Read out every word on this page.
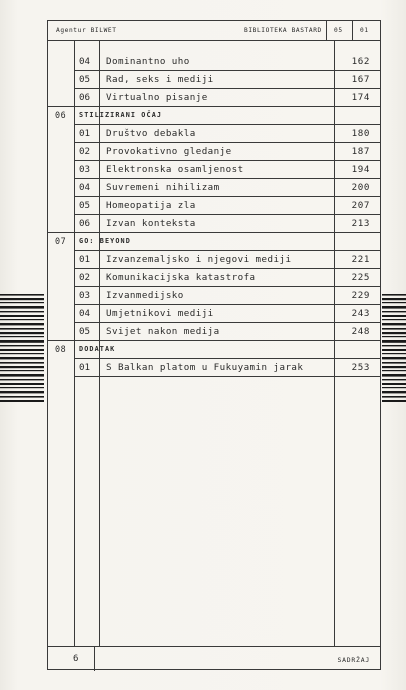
Agentur BILWET	BIBLIOTEKA BASTARD 05	01
04 Dominantno uho	162
05 Rad, seks i mediji	167
06 Virtualno pisanje	174
06 STILIZIRANI OČAJ
01 Društvo debakla	180
02 Provokativno gledanje	187
03 Elektronska osamljenost	194
04 Suvremeni nihilizam	200
05 Homeopatija zla	207
06 Izvan konteksta	213
07 GO: BEYOND
01 Izvanzemaljsko i njegovi mediji	221
02 Komunikacijska katastrofa	225
03 Izvanmedijsko	229
04 Umjetnikovi mediji	243
05 Svijet nakon medija	248
08 DODATAK
01 S Balkan platom u Fukuyamin jarak	253
6	SADRŽAJ
